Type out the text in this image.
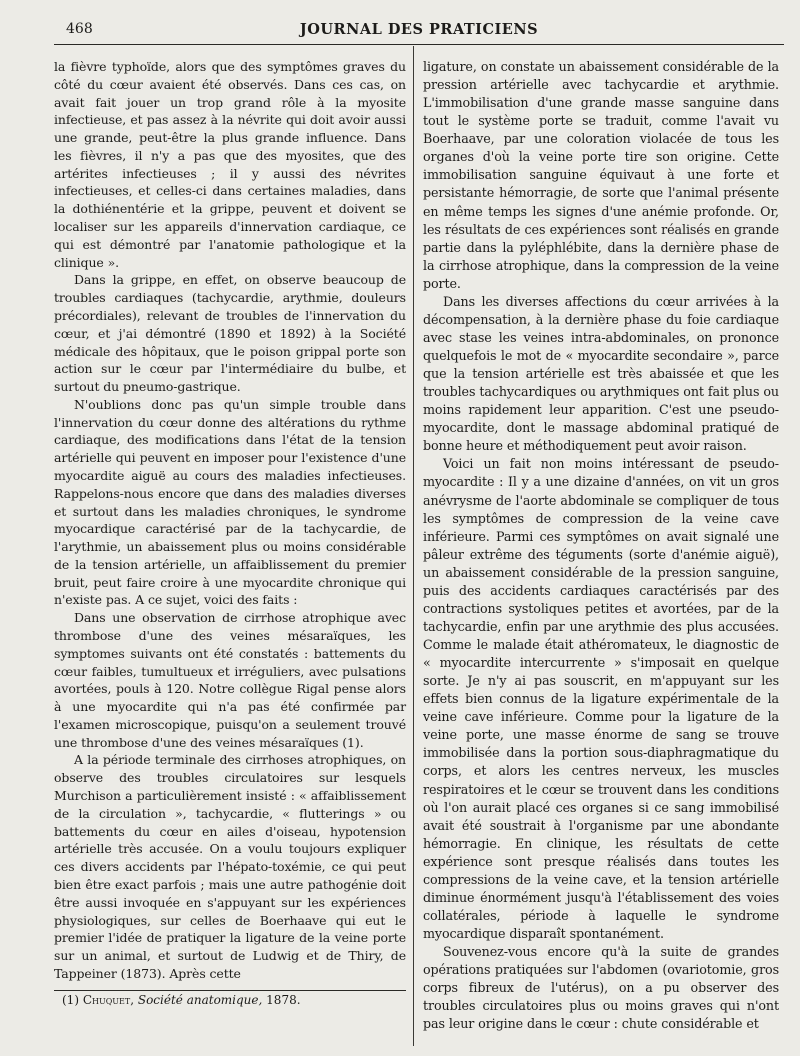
468	JOURNAL DES PRATICIENS

la fièvre typhoïde, alors que des symptômes graves du côté du cœur avaient été observés. Dans ces cas, on avait fait jouer un trop grand rôle à la myosite infectieuse, et pas assez à la névrite qui doit avoir aussi une grande, peut-être la plus grande influence. Dans les fièvres, il n'y a pas que des myosites, que des artérites infectieuses ; il y aussi des névrites infectieuses, et celles-ci dans certaines maladies, dans la dothiénentérie et la grippe, peuvent et doivent se localiser sur les appareils d'innervation cardiaque, ce qui est démontré par l'anatomie pathologique et la clinique ».

Dans la grippe, en effet, on observe beaucoup de troubles cardiaques (tachycardie, arythmie, douleurs précordiales), relevant de troubles de l'innervation du cœur, et j'ai démontré (1890 et 1892) à la Société médicale des hôpitaux, que le poison grippal porte son action sur le cœur par l'intermédiaire du bulbe, et surtout du pneumo-gastrique.

N'oublions donc pas qu'un simple trouble dans l'innervation du cœur donne des altérations du rythme cardiaque, des modifications dans l'état de la tension artérielle qui peuvent en imposer pour l'existence d'une myocardite aiguë au cours des maladies infectieuses. Rappelons-nous encore que dans des maladies diverses et surtout dans les maladies chroniques, le syndrome myocardique caractérisé par de la tachycardie, de l'arythmie, un abaissement plus ou moins considérable de la tension artérielle, un affaiblissement du premier bruit, peut faire croire à une myocardite chronique qui n'existe pas. A ce sujet, voici des faits :

Dans une observation de cirrhose atrophique avec thrombose d'une des veines mésaraïques, les symptomes suivants ont été constatés : battements du cœur faibles, tumultueux et irréguliers, avec pulsations avortées, pouls à 120. Notre collègue Rigal pense alors à une myocardite qui n'a pas été confirmée par l'examen microscopique, puisqu'on a seulement trouvé une thrombose d'une des veines mésaraïques (1).

A la période terminale des cirrhoses atrophiques, on observe des troubles circulatoires sur lesquels Murchison a particulièrement insisté : « affaiblissement de la circulation », tachycardie, « flutterings » ou battements du cœur en ailes d'oiseau, hypotension artérielle très accusée. On a voulu toujours expliquer ces divers accidents par l'hépato-toxémie, ce qui peut bien être exact parfois ; mais une autre pathogénie doit être aussi invoquée en s'appuyant sur les expériences physiologiques, sur celles de Boerhaave qui eut le premier l'idée de pratiquer la ligature de la veine porte sur un animal, et surtout de Ludwig et de Thiry, de Tappeiner (1873). Après cette

ligature, on constate un abaissement considérable de la pression artérielle avec tachycardie et arythmie. L'immobilisation d'une grande masse sanguine dans tout le système porte se traduit, comme l'avait vu Boerhaave, par une coloration violacée de tous les organes d'où la veine porte tire son origine. Cette immobilisation sanguine équivaut à une forte et persistante hémorragie, de sorte que l'animal présente en même temps les signes d'une anémie profonde. Or, les résultats de ces expériences sont réalisés en grande partie dans la pyléphlébite, dans la dernière phase de la cirrhose atrophique, dans la compression de la veine porte.

Dans les diverses affections du cœur arrivées à la décompensation, à la dernière phase du foie cardiaque avec stase les veines intra-abdominales, on prononce quelquefois le mot de « myocardite secondaire », parce que la tension artérielle est très abaissée et que les troubles tachycardiques ou arythmiques ont fait plus ou moins rapidement leur apparition. C'est une pseudo-myocardite, dont le massage abdominal pratiqué de bonne heure et méthodiquement peut avoir raison.

Voici un fait non moins intéressant de pseudo-myocardite : Il y a une dizaine d'années, on vit un gros anévrysme de l'aorte abdominale se compliquer de tous les symptômes de compression de la veine cave inférieure. Parmi ces symptômes on avait signalé une pâleur extrême des téguments (sorte d'anémie aiguë), un abaissement considérable de la pression sanguine, puis des accidents cardiaques caractérisés par des contractions systoliques petites et avortées, par de la tachycardie, enfin par une arythmie des plus accusées. Comme le malade était athéromateux, le diagnostic de « myocardite intercurrente » s'imposait en quelque sorte. Je n'y ai pas souscrit, en m'appuyant sur les effets bien connus de la ligature expérimentale de la veine cave inférieure. Comme pour la ligature de la veine porte, une masse énorme de sang se trouve immobilisée dans la portion sous-diaphragmatique du corps, et alors les centres nerveux, les muscles respiratoires et le cœur se trouvent dans les conditions où l'on aurait placé ces organes si ce sang immobilisé avait été soustrait à l'organisme par une abondante hémorragie. En clinique, les résultats de cette expérience sont presque réalisés dans toutes les compressions de la veine cave, et la tension artérielle diminue énormément jusqu'à l'établissement des voies collatérales, période à laquelle le syndrome myocardique disparaît spontanément.

Souvenez-vous encore qu'à la suite de grandes opérations pratiquées sur l'abdomen (ovariotomie, gros corps fibreux de l'utérus), on a pu observer des troubles circulatoires plus ou moins graves qui n'ont pas leur origine dans le cœur : chute considérable et

(1) Chuquet, Société anatomique, 1878.
